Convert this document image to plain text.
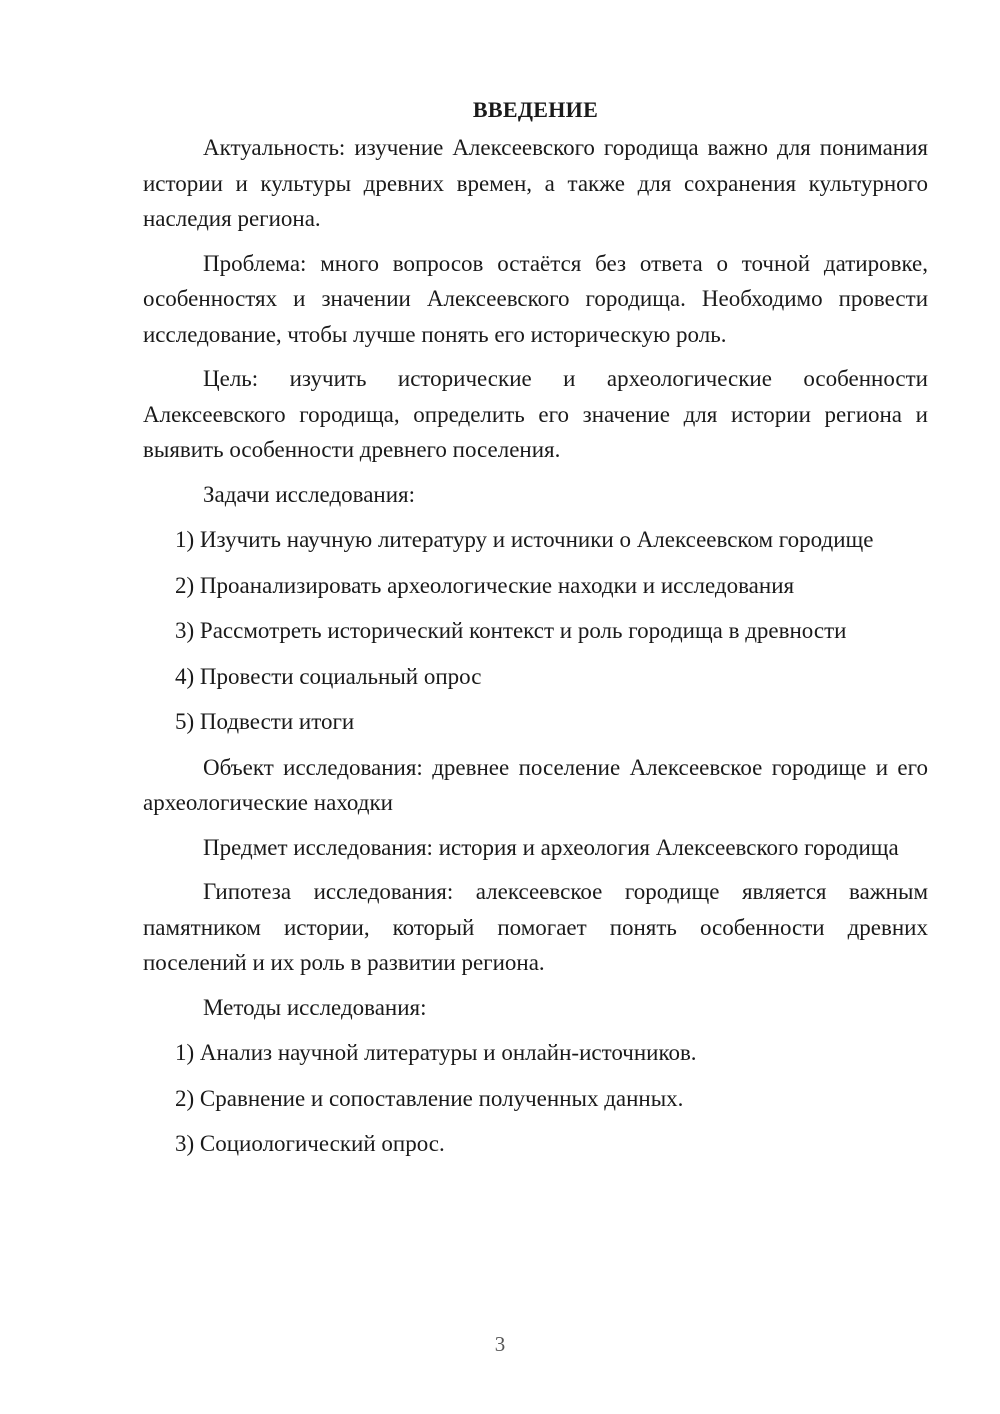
ВВЕДЕНИЕ

Актуальность: изучение Алексеевского городища важно для понимания истории и культуры древних времен, а также для сохранения культурного наследия региона.

Проблема: много вопросов остаётся без ответа о точной датировке, особенностях и значении Алексеевского городища. Необходимо провести исследование, чтобы лучше понять его историческую роль.

Цель: изучить исторические и археологические особенности Алексеевского городища, определить его значение для истории региона и выявить особенности древнего поселения.

Задачи исследования:

1) Изучить научную литературу и источники о Алексеевском городище

2) Проанализировать археологические находки и исследования

3) Рассмотреть исторический контекст и роль городища в древности

4) Провести социальный опрос

5) Подвести итоги

Объект исследования: древнее поселение Алексеевское городище и его археологические находки

Предмет исследования: история и археология Алексеевского городища

Гипотеза исследования: алексеевское городище является важным памятником истории, который помогает понять особенности древних поселений и их роль в развитии региона.

Методы исследования:

1) Анализ научной литературы и онлайн-источников.

2) Сравнение и сопоставление полученных данных.

3) Социологический опрос.

3
